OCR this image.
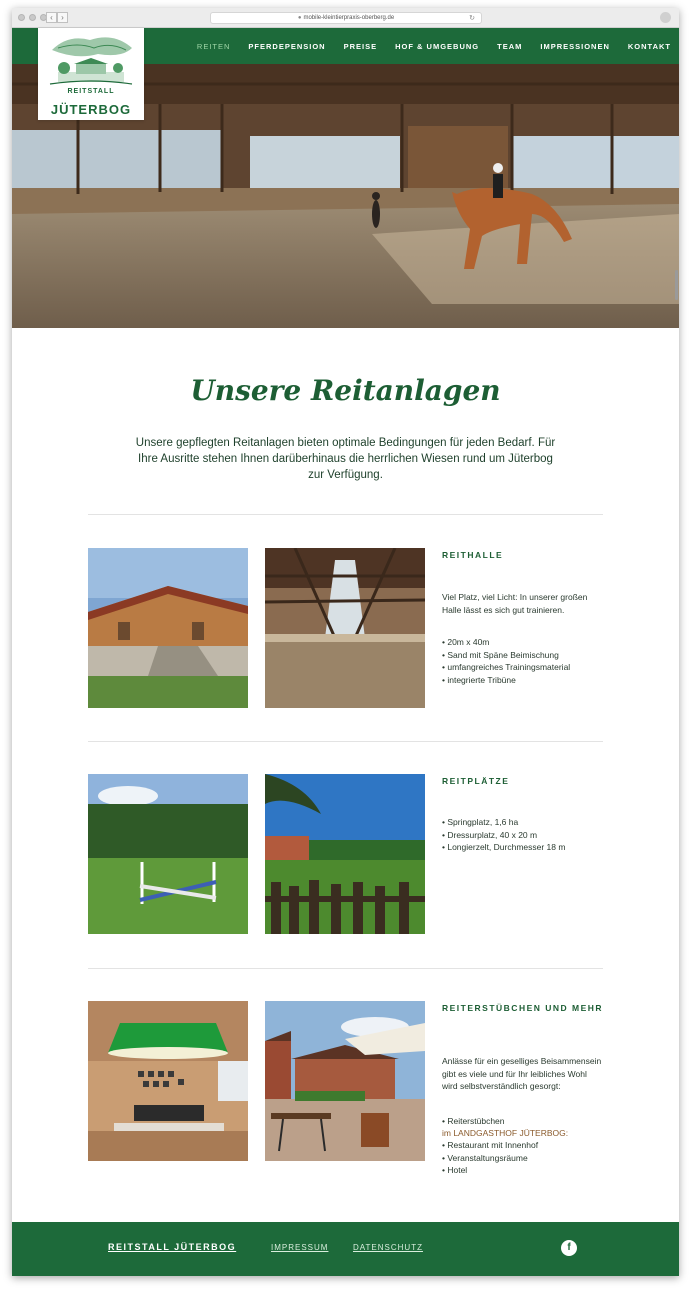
‹	›	● mobile-kleintierpraxis-oberberg.de	↻
REITEN PFERDEPENSION PREISE HOF & UMGEBUNG TEAM IMPRESSIONEN KONTAKT
REITSTALL
JÜTERBOG
Unsere Reitanlagen

Unsere gepflegten Reitanlagen bieten optimale Bedingungen für jeden Bedarf. Für Ihre Ausritte stehen Ihnen darüberhinaus die herrlichen Wiesen rund um Jüterbog zur Verfügung.

REITHALLE

Viel Platz, viel Licht: In unserer großen Halle lässt es sich gut trainieren.

• 20m x 40m
• Sand mit Späne Beimischung
• umfangreiches Trainingsmaterial
• integrierte Tribüne
REITPLÄTZE
• Springplatz, 1,6 ha
• Dressurplatz, 40 x 20 m
• Longierzelt, Durchmesser 18 m
REITERSTÜBCHEN UND MEHR

Anlässe für ein geselliges Beisammensein gibt es viele und für Ihr leibliches Wohl wird selbstverständlich gesorgt:

• Reiterstübchen
im LANDGASTHOF JÜTERBOG:
• Restaurant mit Innenhof
• Veranstaltungsräume
• Hotel
REITSTALL JÜTERBOG	IMPRESSUM	DATENSCHUTZ	f
